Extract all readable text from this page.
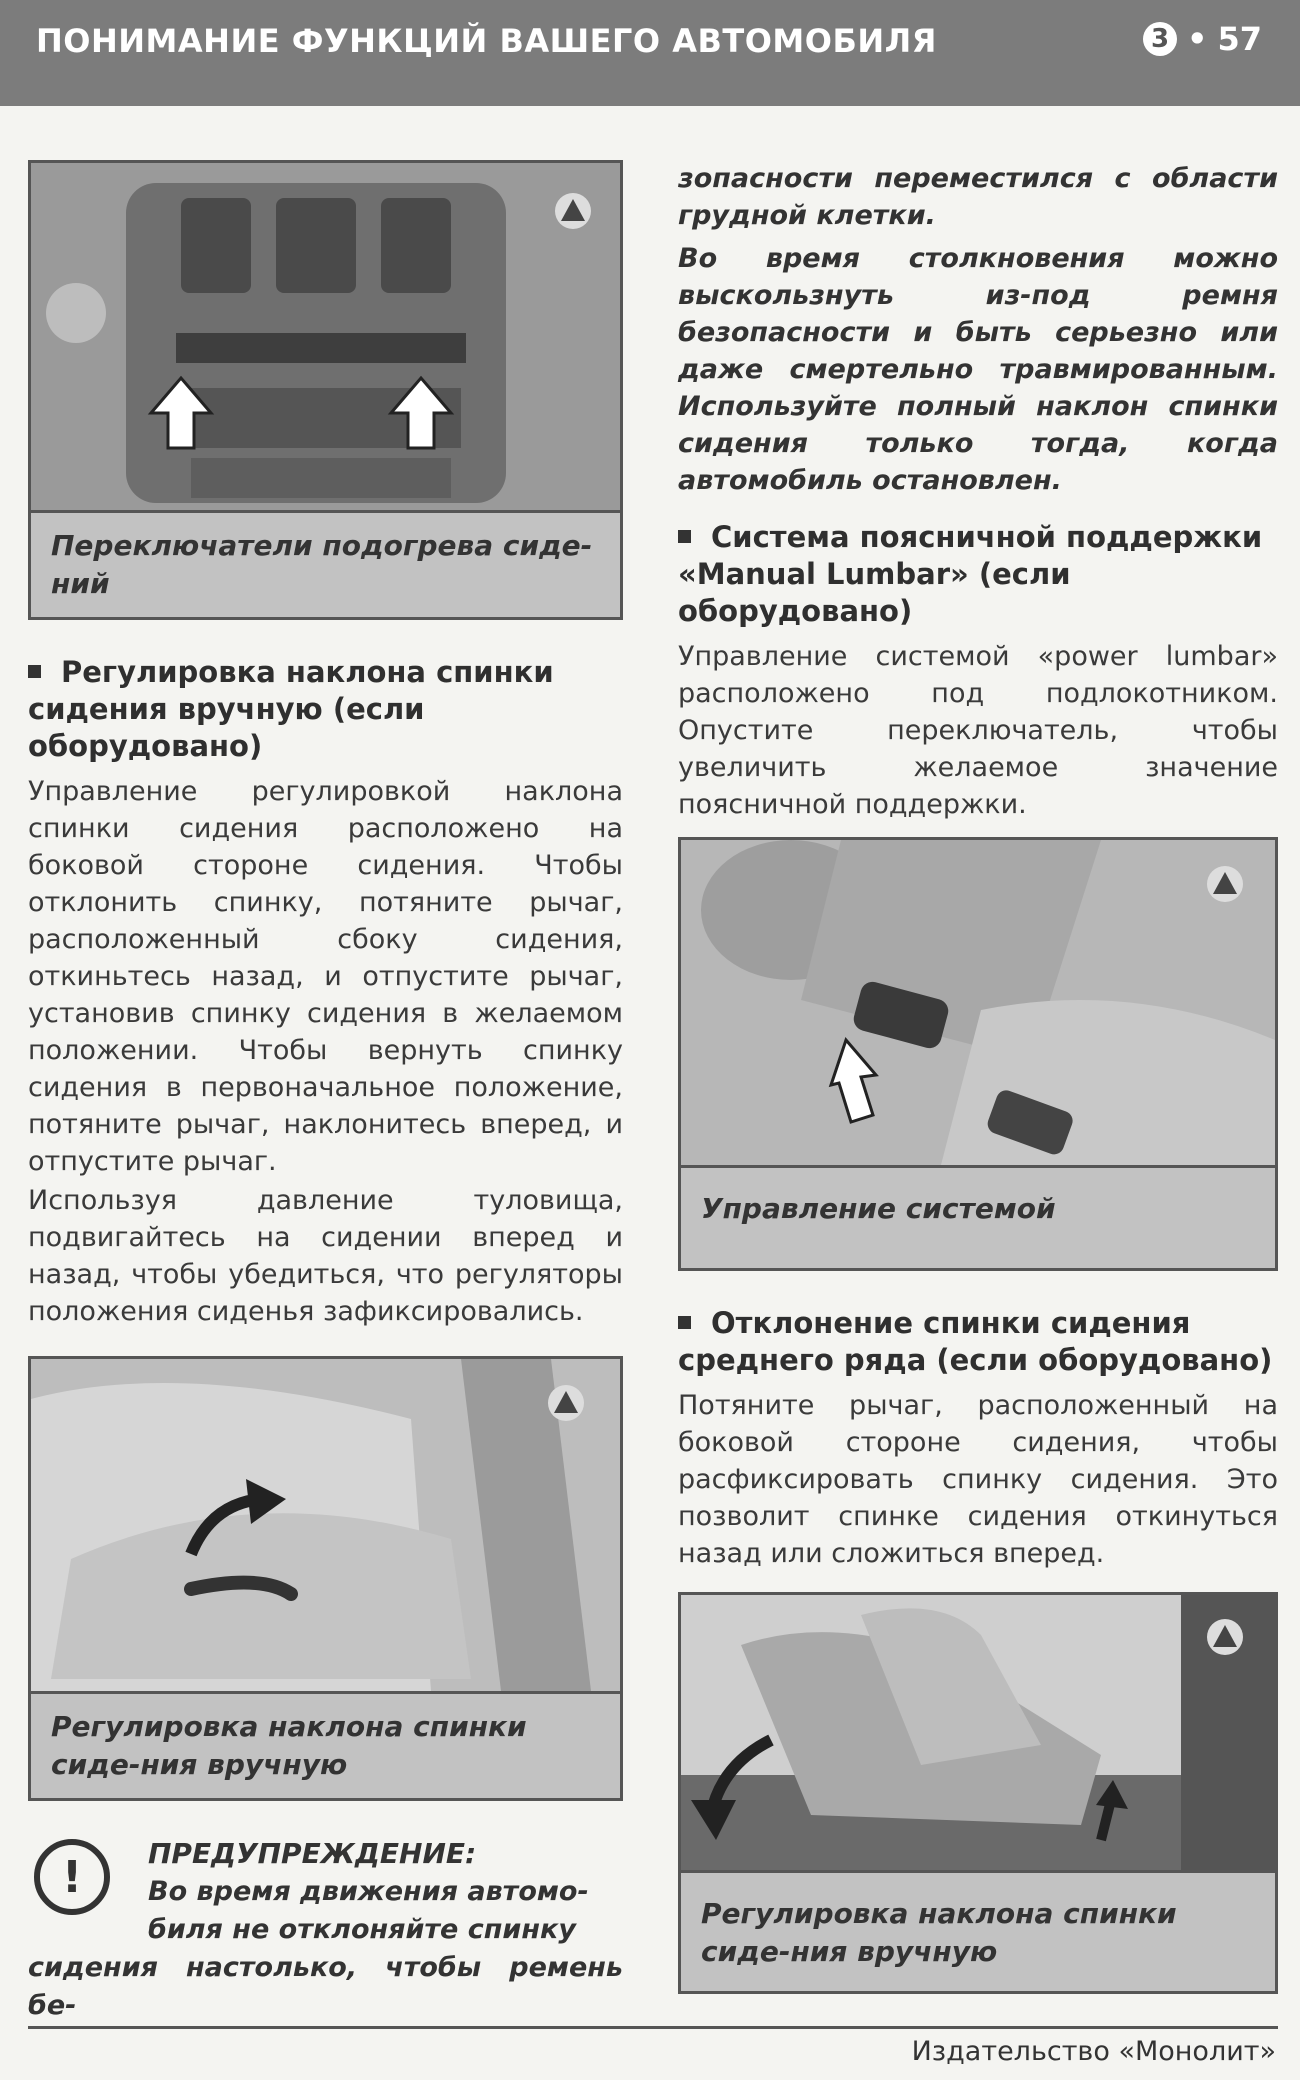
ПОНИМАНИЕ ФУНКЦИЙ ВАШЕГО АВТОМОБИЛЯ	3 • 57
Переключатели подогрева сиде-ний
Регулировка наклона спинки сидения вручную (если оборудовано)

Управление регулировкой наклона спинки сидения расположено на боковой стороне сидения. Чтобы отклонить спинку, потяните рычаг, расположенный сбоку сидения, откиньтесь назад, и отпустите рычаг, установив спинку сидения в желаемом положении. Чтобы вернуть спинку сидения в первоначальное положение, потяните рычаг, наклонитесь вперед, и отпустите рычаг.

Используя давление туловища, подвигайтесь на сидении вперед и назад, чтобы убедиться, что регуляторы положения сиденья зафиксировались.

Регулировка наклона спинки сиде-ния вручную
!	ПРЕДУПРЕЖДЕНИЕ:
Во время движения автомо-
биля не отклоняйте спинку
сидения настолько, чтобы ремень бе-

зопасности переместился с области грудной клетки.

Во время столкновения можно выскользнуть из-под ремня безопасности и быть серьезно или даже смертельно травмированным. Используйте полный наклон спинки сидения только тогда, когда автомобиль остановлен.

Система поясничной поддержки «Manual Lumbar» (если оборудовано)

Управление системой «power lumbar» расположено под подлокотником. Опустите переключатель, чтобы увеличить желаемое значение поясничной поддержки.

Управление системой
Отклонение спинки сидения среднего ряда (если оборудовано)

Потяните рычаг, расположенный на боковой стороне сидения, чтобы расфиксировать спинку сидения. Это позволит спинке сидения откинуться назад или сложиться вперед.

Регулировка наклона спинки сиде-ния вручную
Издательство «Монолит»
